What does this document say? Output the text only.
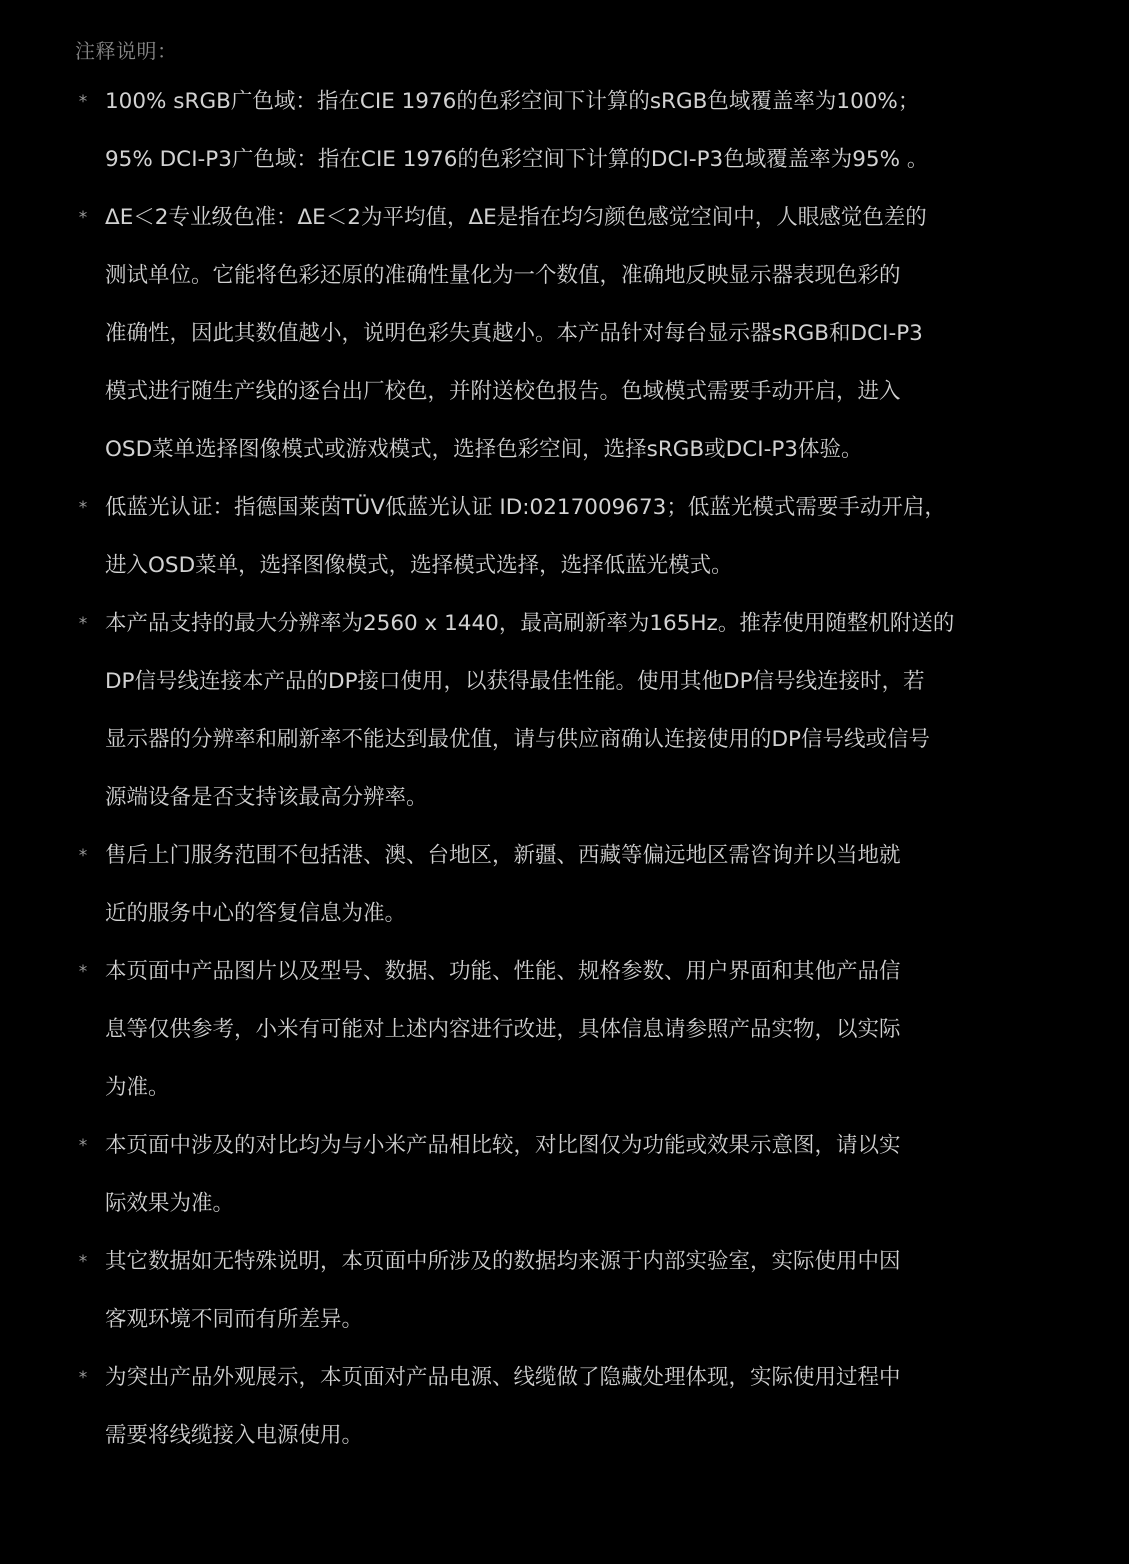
注释说明：
* 100% sRGB广色域：指在CIE 1976的色彩空间下计算的sRGB色域覆盖率为100%；
95% DCI-P3广色域：指在CIE 1976的色彩空间下计算的DCI-P3色域覆盖率为95% 。
* ΔE＜2专业级色准：ΔE＜2为平均值，ΔE是指在均匀颜色感觉空间中，人眼感觉色差的
测试单位。它能将色彩还原的准确性量化为一个数值，准确地反映显示器表现色彩的
准确性，因此其数值越小，说明色彩失真越小。本产品针对每台显示器sRGB和DCI-P3
模式进行随生产线的逐台出厂校色，并附送校色报告。色域模式需要手动开启，进入
OSD菜单选择图像模式或游戏模式，选择色彩空间，选择sRGB或DCI-P3体验。
* 低蓝光认证：指德国莱茵TÜV低蓝光认证 ID:0217009673；低蓝光模式需要手动开启，
进入OSD菜单，选择图像模式，选择模式选择，选择低蓝光模式。
* 本产品支持的最大分辨率为2560 x 1440，最高刷新率为165Hz。推荐使用随整机附送的
DP信号线连接本产品的DP接口使用，以获得最佳性能。使用其他DP信号线连接时，若
显示器的分辨率和刷新率不能达到最优值，请与供应商确认连接使用的DP信号线或信号
源端设备是否支持该最高分辨率。
* 售后上门服务范围不包括港、澳、台地区，新疆、西藏等偏远地区需咨询并以当地就
近的服务中心的答复信息为准。
* 本页面中产品图片以及型号、数据、功能、性能、规格参数、用户界面和其他产品信
息等仅供参考，小米有可能对上述内容进行改进，具体信息请参照产品实物，以实际
为准。
* 本页面中涉及的对比均为与小米产品相比较，对比图仅为功能或效果示意图，请以实
际效果为准。
* 其它数据如无特殊说明，本页面中所涉及的数据均来源于内部实验室，实际使用中因
客观环境不同而有所差异。
* 为突出产品外观展示，本页面对产品电源、线缆做了隐藏处理体现，实际使用过程中
需要将线缆接入电源使用。
